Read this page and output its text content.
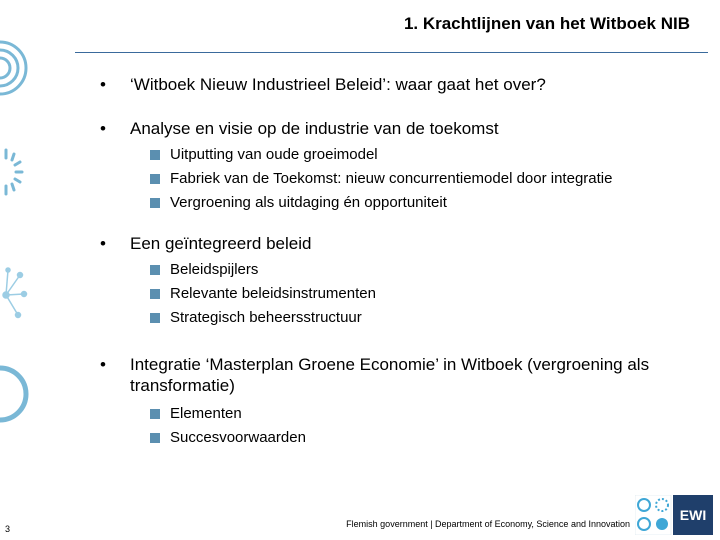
1. Krachtlijnen van het Witboek NIB

• ‘Witboek Nieuw Industrieel Beleid’: waar gaat het over?

• Analyse en visie op de industrie van de toekomst

Uitputting van oude groeimodel
Fabriek van de Toekomst: nieuw concurrentiemodel door integratie
Vergroening als uitdaging én opportuniteit

• Een geïntegreerd beleid

Beleidspijlers
Relevante beleidsinstrumenten
Strategisch beheersstructuur

• Integratie ‘Masterplan Groene Economie’ in Witboek (vergroening als transformatie)

Elementen
Succesvoorwaarden
3	Flemish government | Department of Economy, Science and Innovation
EWI
